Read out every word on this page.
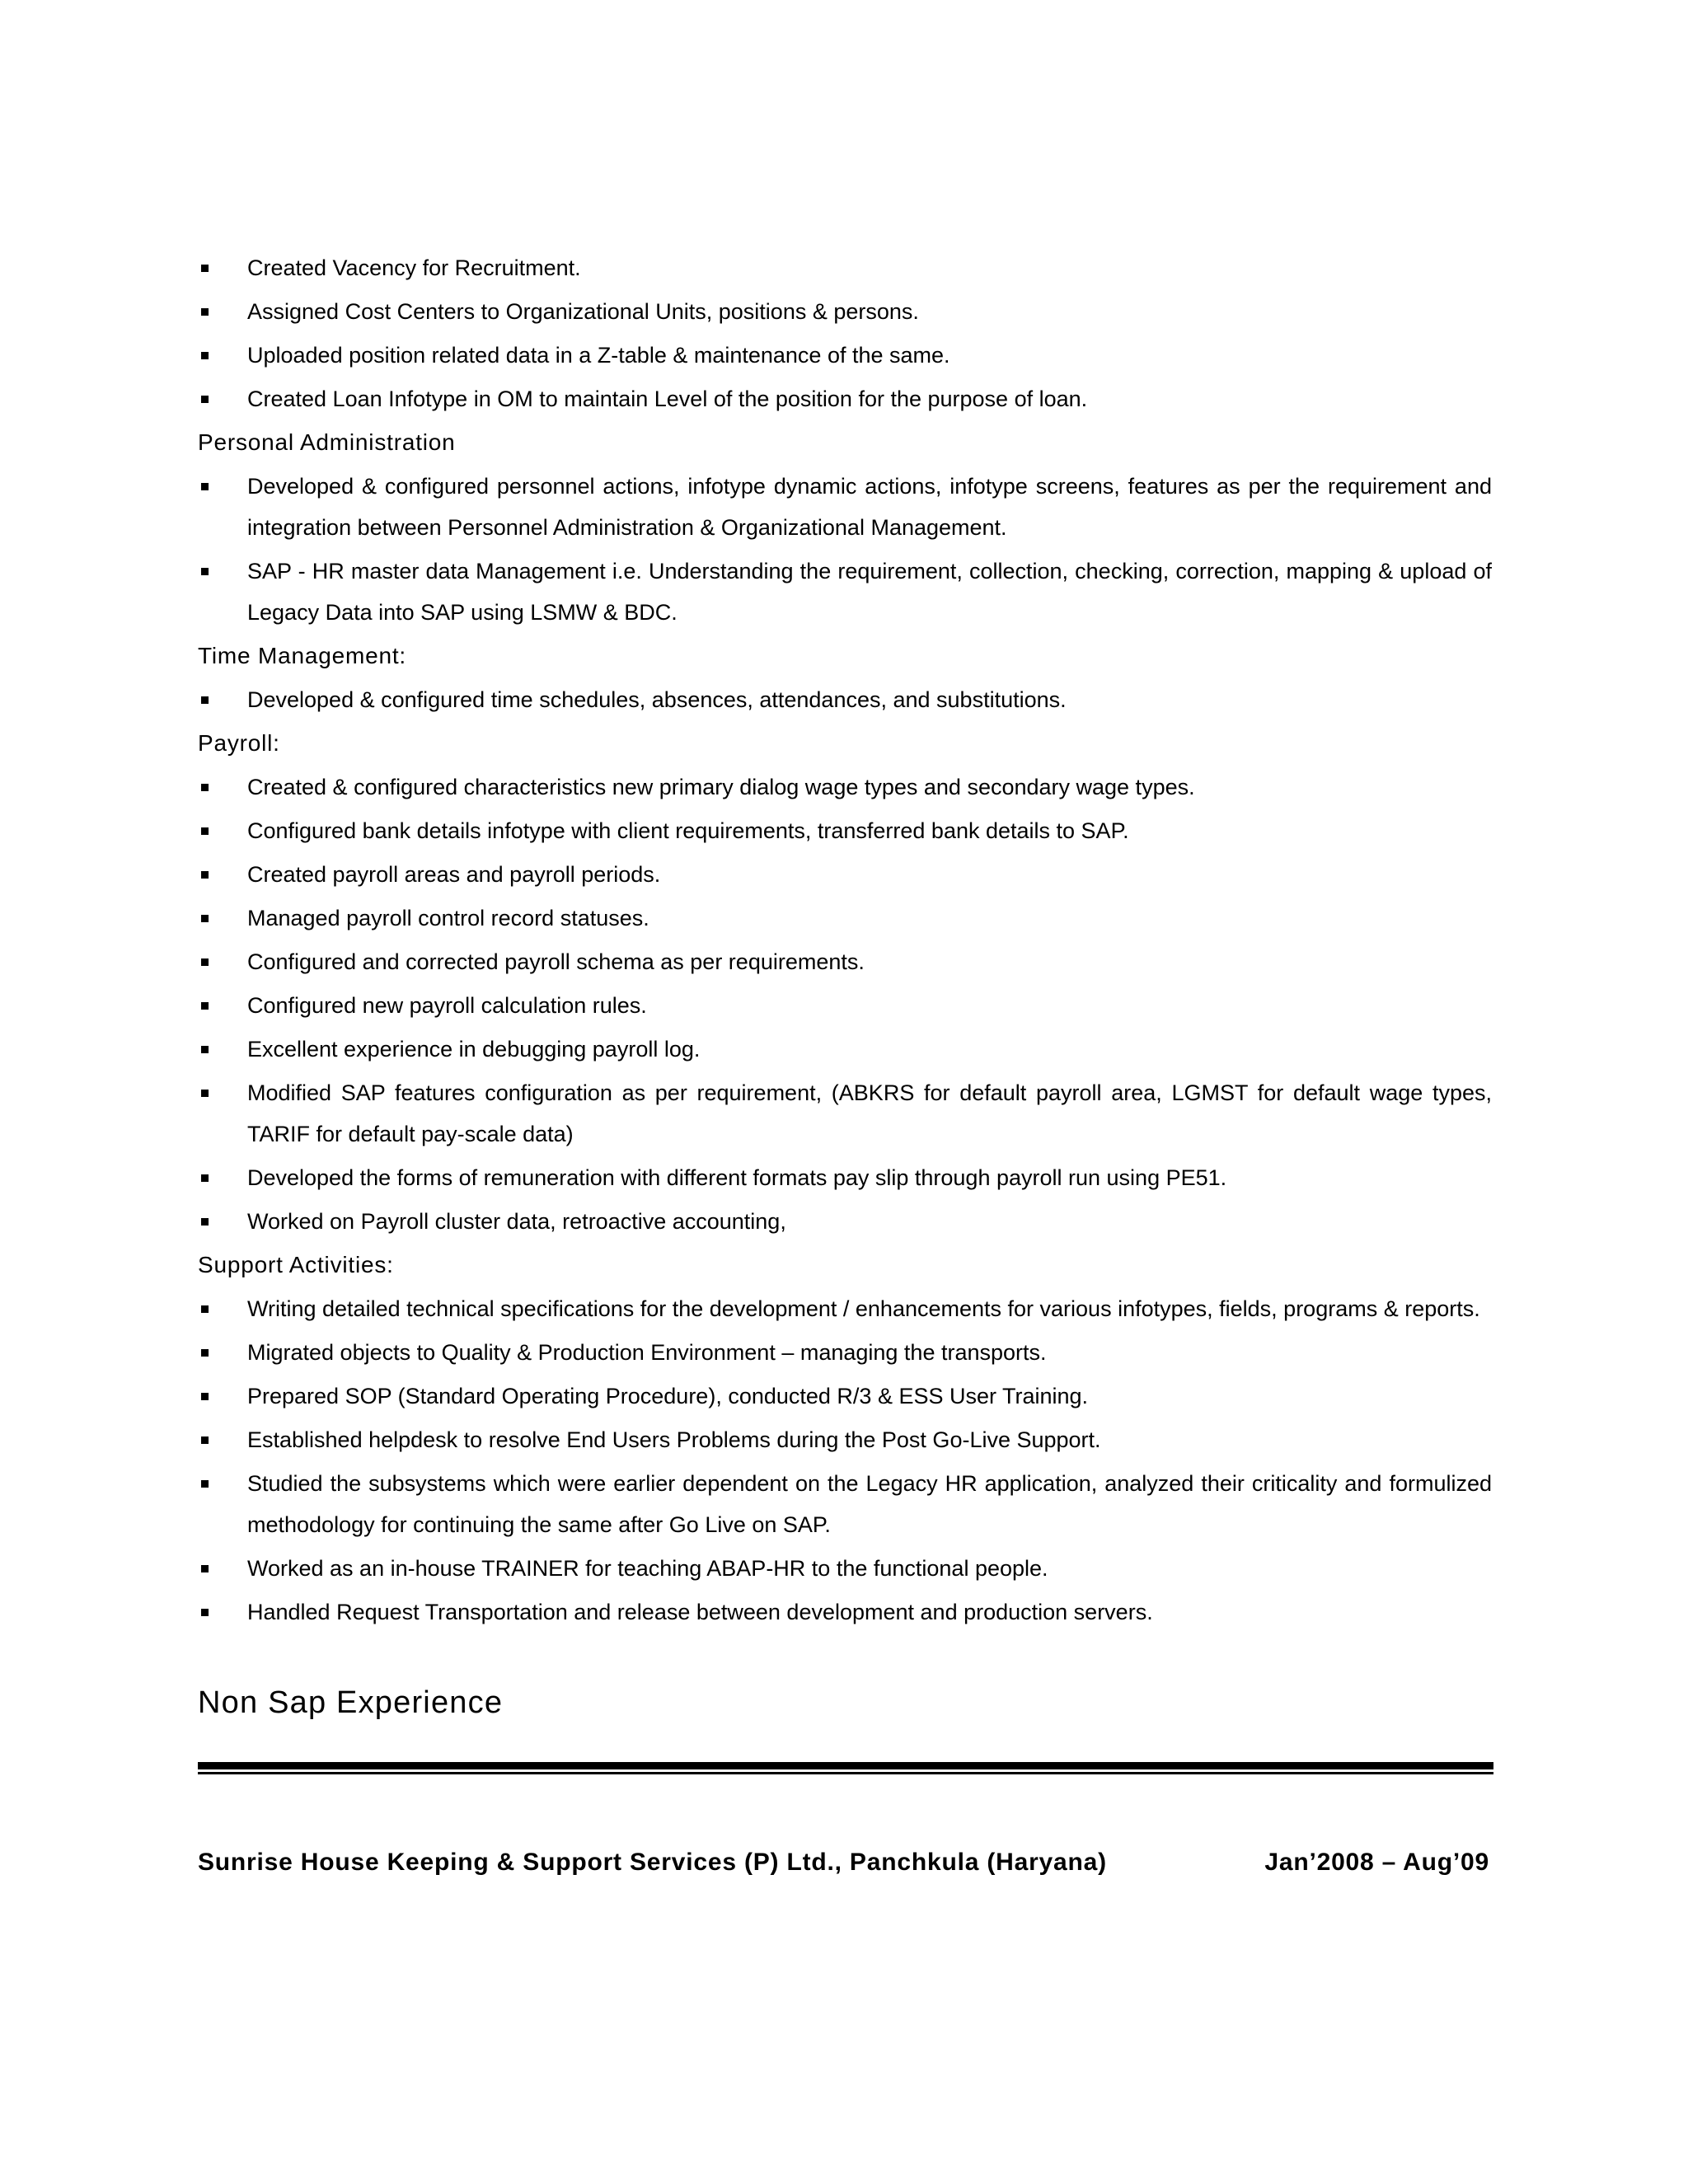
Created Vacency for Recruitment.
Assigned Cost Centers to Organizational Units, positions & persons.
Uploaded position related data in a Z-table & maintenance of the same.
Created Loan Infotype in OM to maintain Level of the position for the purpose of loan.
Personal Administration
Developed & configured personnel actions, infotype dynamic actions, infotype screens, features as per the requirement and integration between Personnel Administration & Organizational Management.
SAP - HR master data Management i.e. Understanding the requirement, collection, checking, correction, mapping & upload of Legacy Data into SAP using LSMW & BDC.
Time Management:
Developed & configured time schedules, absences, attendances, and substitutions.
Payroll:
Created & configured characteristics new primary dialog wage types and secondary wage types.
Configured bank details infotype with client requirements, transferred bank details to SAP.
Created payroll areas and payroll periods.
Managed payroll control record statuses.
Configured and corrected payroll schema as per requirements.
Configured new payroll calculation rules.
Excellent experience in debugging payroll log.
Modified SAP features configuration as per requirement, (ABKRS for default payroll area, LGMST for default wage types, TARIF for default pay-scale data)
Developed the forms of remuneration with different formats pay slip through payroll run using PE51.
Worked on Payroll cluster data, retroactive accounting,
Support Activities:
Writing detailed technical specifications for the development / enhancements for various infotypes, fields, programs & reports.
Migrated objects to Quality & Production Environment – managing the transports.
Prepared SOP (Standard Operating Procedure), conducted R/3 & ESS User Training.
Established helpdesk to resolve End Users Problems during the Post Go-Live Support.
Studied the subsystems which were earlier dependent on the Legacy HR application, analyzed their criticality and formulized methodology for continuing the same after Go Live on SAP.
Worked as an in-house TRAINER for teaching ABAP-HR to the functional people.
Handled Request Transportation and release between development and production servers.
Non Sap Experience
Sunrise House Keeping & Support Services (P) Ltd., Panchkula (Haryana)	Jan’2008 – Aug’09
